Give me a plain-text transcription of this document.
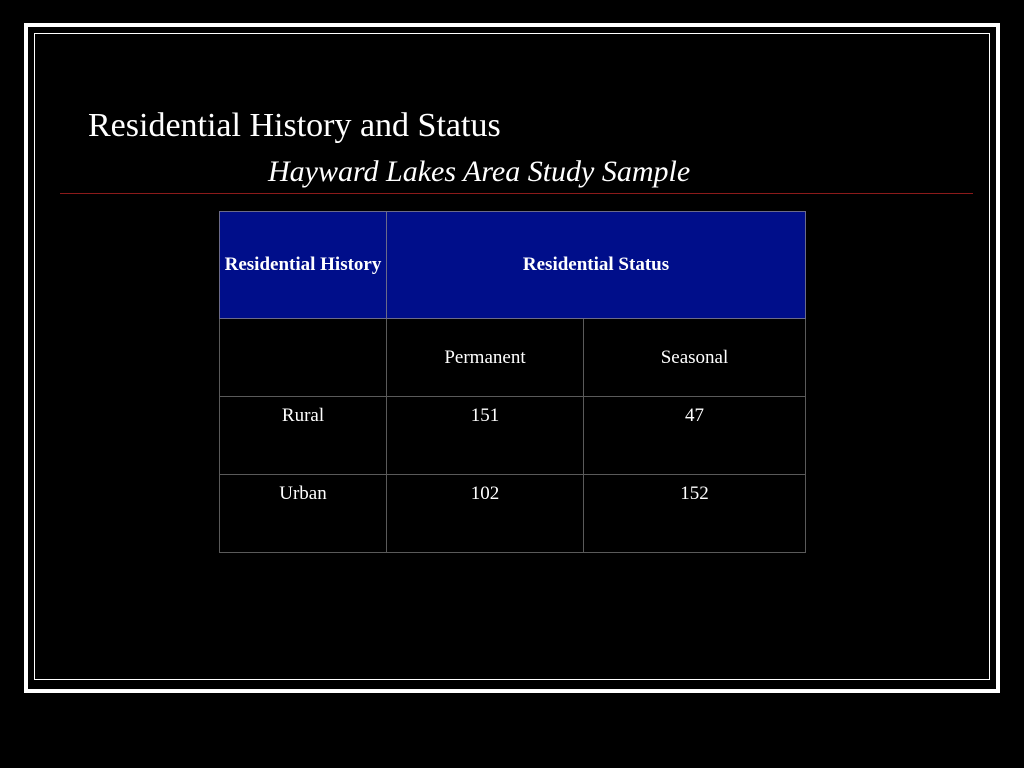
Residential History and Status
Hayward Lakes Area Study Sample
Residential History	Residential Status	
	Permanent	Seasonal
Rural	151	47
Urban	102	152
